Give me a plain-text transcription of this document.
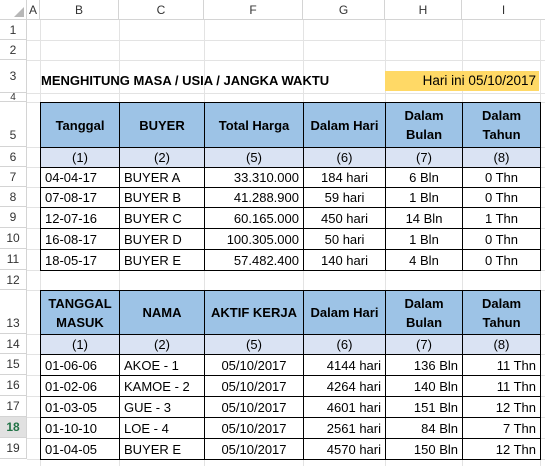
A	B	C	F	G	H	I
1
2
3
4
5
6
7
8
9
10
11
12
13
14
15
16
17
18
19
MENGHITUNG MASA / USIA / JANGKA WAKTU	Hari ini 05/10/2017
Tanggal	BUYER	Total Harga	Dalam Hari	Dalam Bulan	Dalam Tahun
(1)	(2)	(5)	(6)	(7)	(8)
04-04-17	BUYER A	33.310.000	184 hari	6 Bln	0 Thn
07-08-17	BUYER B	41.288.900	59 hari	1 Bln	0 Thn
12-07-16	BUYER C	60.165.000	450 hari	14 Bln	1 Thn
16-08-17	BUYER D	100.305.000	50 hari	1 Bln	0 Thn
18-05-17	BUYER E	57.482.400	140 hari	4 Bln	0 Thn
TANGGAL MASUK	NAMA	AKTIF KERJA	Dalam Hari	Dalam Bulan	Dalam Tahun
(1)	(2)	(5)	(6)	(7)	(8)
01-06-06	AKOE - 1	05/10/2017	4144 hari	136 Bln	11 Thn
01-02-06	KAMOE - 2	05/10/2017	4264 hari	140 Bln	11 Thn
01-03-05	GUE - 3	05/10/2017	4601 hari	151 Bln	12 Thn
01-10-10	LOE - 4	05/10/2017	2561 hari	84 Bln	7 Thn
01-04-05	BUYER E	05/10/2017	4570 hari	150 Bln	12 Thn
